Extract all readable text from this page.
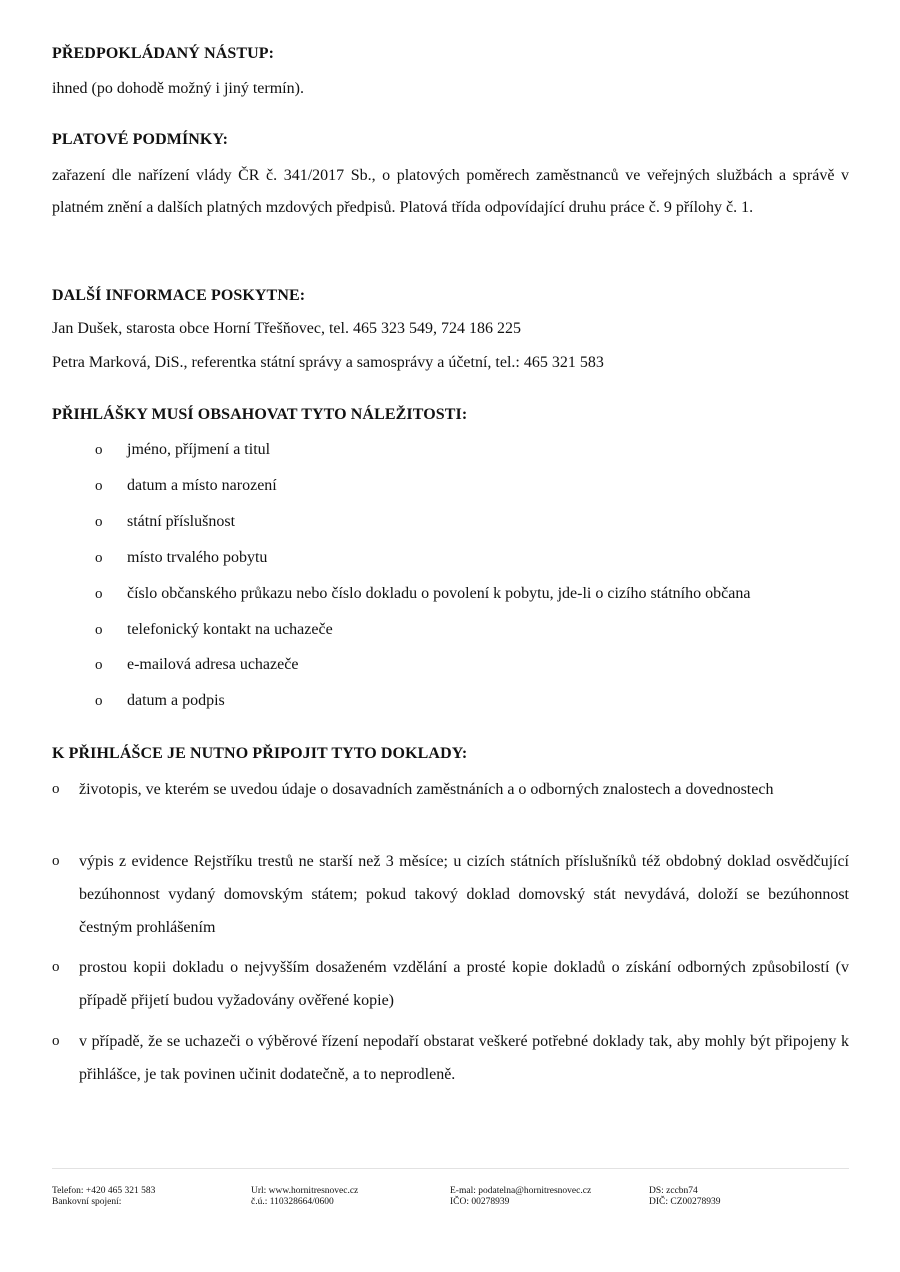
PŘEDPOKLÁDANÝ NÁSTUP:
ihned (po dohodě možný i jiný termín).
PLATOVÉ PODMÍNKY:
zařazení dle nařízení vlády ČR č. 341/2017 Sb., o platových poměrech zaměstnanců ve veřejných službách a správě v platném znění a dalších platných mzdových předpisů. Platová třída odpovídající druhu práce č. 9 přílohy č. 1.
DALŠÍ INFORMACE POSKYTNE:
Jan Dušek, starosta obce Horní Třešňovec, tel. 465 323 549, 724 186 225
Petra Marková, DiS., referentka státní správy a samosprávy a účetní, tel.: 465 321 583
PŘIHLÁŠKY MUSÍ OBSAHOVAT TYTO NÁLEŽITOSTI:
o jméno, příjmení a titul
o datum a místo narození
o státní příslušnost
o místo trvalého pobytu
o číslo občanského průkazu nebo číslo dokladu o povolení k pobytu, jde-li o cizího státního občana
o telefonický kontakt na uchazeče
o e-mailová adresa uchazeče
o datum a podpis
K PŘIHLÁŠCE JE NUTNO PŘIPOJIT TYTO DOKLADY:
o životopis, ve kterém se uvedou údaje o dosavadních zaměstnáních a o odborných znalostech a dovednostech
o výpis z evidence Rejstříku trestů ne starší než 3 měsíce; u cizích státních příslušníků též obdobný doklad osvědčující bezúhonnost vydaný domovským státem; pokud takový doklad domovský stát nevydává, doloží se bezúhonnost čestným prohlášením
o prostou kopii dokladu o nejvyšším dosaženém vzdělání a prosté kopie dokladů o získání odborných způsobilostí (v případě přijetí budou vyžadovány ověřené kopie)
o v případě, že se uchazeči o výběrové řízení nepodaří obstarat veškeré potřebné doklady tak, aby mohly být připojeny k přihlášce, je tak povinen učinit dodatečně, a to neprodleně.
Telefon: +420 465 321 583
Bankovní spojení:
Url: www.hornitresnovec.cz
č.ú.: 110328664/0600
E-mal: podatelna@hornitresnovec.cz
IČO: 00278939
DS: zccbn74
DIČ: CZ00278939
